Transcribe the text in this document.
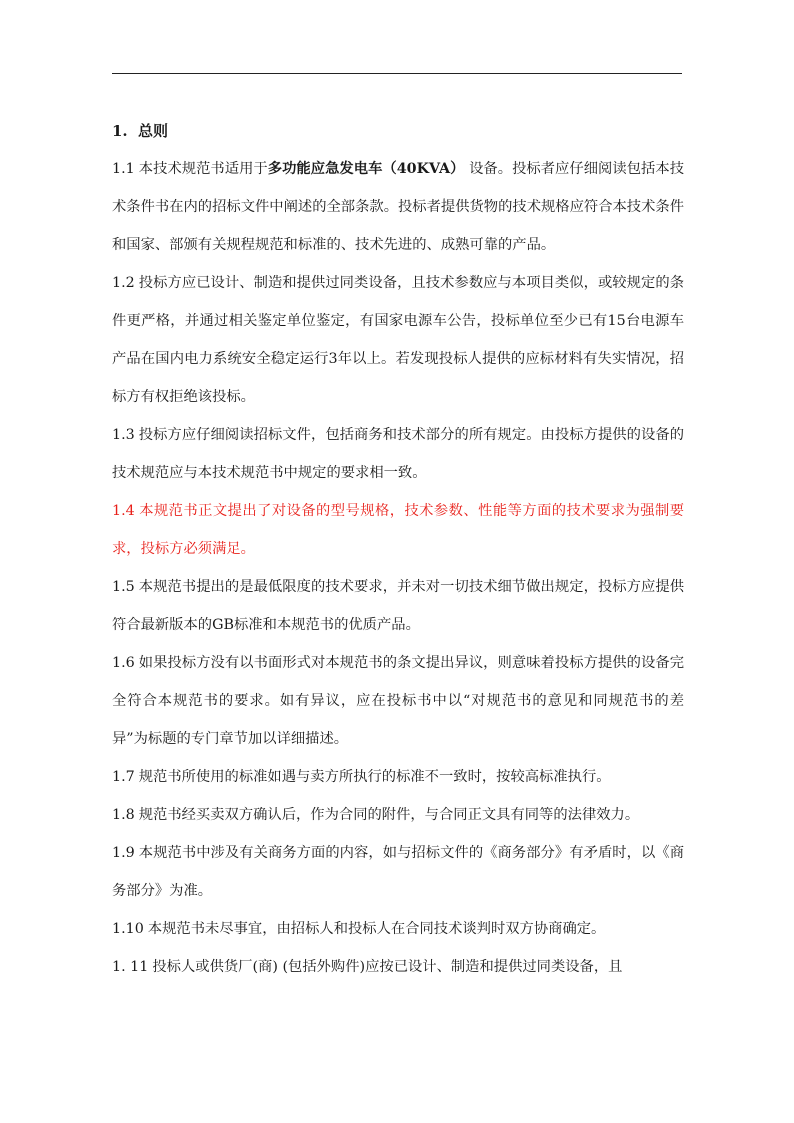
1. 总则

1.1 本技术规范书适用于多功能应急发电车（40KVA） 设备。投标者应仔细阅读包括本技术条件书在内的招标文件中阐述的全部条款。投标者提供货物的技术规格应符合本技术条件和国家、部颁有关规程规范和标准的、技术先进的、成熟可靠的产品。

1.2 投标方应已设计、制造和提供过同类设备，且技术参数应与本项目类似，或较规定的条件更严格，并通过相关鉴定单位鉴定，有国家电源车公告，投标单位至少已有15台电源车产品在国内电力系统安全稳定运行3年以上。若发现投标人提供的应标材料有失实情况，招标方有权拒绝该投标。

1.3 投标方应仔细阅读招标文件，包括商务和技术部分的所有规定。由投标方提供的设备的技术规范应与本技术规范书中规定的要求相一致。

1.4 本规范书正文提出了对设备的型号规格，技术参数、性能等方面的技术要求为强制要求，投标方必须满足。

1.5 本规范书提出的是最低限度的技术要求，并未对一切技术细节做出规定，投标方应提供符合最新版本的GB标准和本规范书的优质产品。

1.6 如果投标方没有以书面形式对本规范书的条文提出异议，则意味着投标方提供的设备完全符合本规范书的要求。如有异议，应在投标书中以“对规范书的意见和同规范书的差异”为标题的专门章节加以详细描述。

1.7 规范书所使用的标准如遇与卖方所执行的标准不一致时，按较高标准执行。

1.8 规范书经买卖双方确认后，作为合同的附件，与合同正文具有同等的法律效力。

1.9 本规范书中涉及有关商务方面的内容，如与招标文件的《商务部分》有矛盾时，以《商务部分》为准。

1.10 本规范书未尽事宜，由招标人和投标人在合同技术谈判时双方协商确定。

1. 11 投标人或供货厂(商) (包括外购件)应按已设计、制造和提供过同类设备，且
